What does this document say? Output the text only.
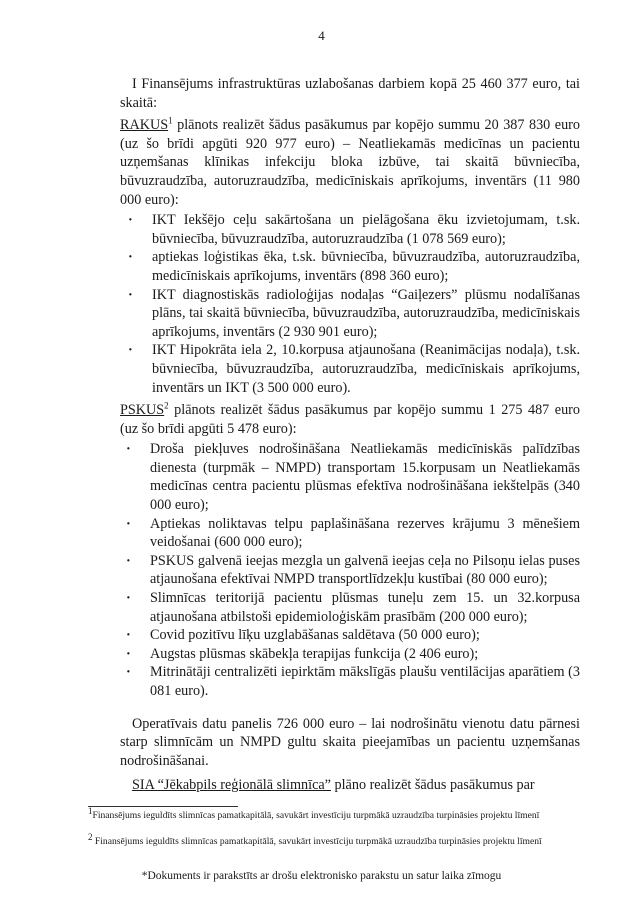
4

I Finansējums infrastruktūras uzlabošanas darbiem kopā 25 460 377 euro, tai skaitā:

RAKUS$^1$ plānots realizēt šādus pasākumus par kopējo summu 20 387 830 euro (uz šo brīdi apgūti 920 977 euro) – Neatliekamās medicīnas un pacientu uzņemšanas klīnikas infekciju bloka izbūve, tai skaitā būvniecība, būvuzraudzība, autoruzraudzība, medicīniskais aprīkojums, inventārs (11 980 000 euro):

· IKT Iekšējo ceļu sakārtošana un pielāgošana ēku izvietojumam, t.sk. būvniecība, būvuzraudzība, autoruzraudzība (1 078 569 euro);
· aptiekas loģistikas ēka, t.sk. būvniecība, būvuzraudzība, autoruzraudzība, medicīniskais aprīkojums, inventārs (898 360 euro);
· IKT diagnostiskās radioloģijas nodaļas “Gaiļezers” plūsmu nodalīšanas plāns, tai skaitā būvniecība, būvuzraudzība, autoruzraudzība, medicīniskais aprīkojums, inventārs (2 930 901 euro);
· IKT Hipokrāta iela 2, 10.korpusa atjaunošana (Reanimācijas nodaļa), t.sk. būvniecība, būvuzraudzība, autoruzraudzība, medicīniskais aprīkojums, inventārs un IKT (3 500 000 euro).

PSKUS$^2$ plānots realizēt šādus pasākumus par kopējo summu 1 275 487 euro (uz šo brīdi apgūti 5 478 euro):

· Droša piekļuves nodrošināšana Neatliekamās medicīniskās palīdzības dienesta (turpmāk – NMPD) transportam 15.korpusam un Neatliekamās medicīnas centra pacientu plūsmas efektīva nodrošināšana iekštelpās (340 000 euro);
· Aptiekas noliktavas telpu paplašināšana rezerves krājumu 3 mēnešiem veidošanai (600 000 euro);
· PSKUS galvenā ieejas mezgla un galvenā ieejas ceļa no Pilsoņu ielas puses atjaunošana efektīvai NMPD transportlīdzekļu kustībai (80 000 euro);
· Slimnīcas teritorijā pacientu plūsmas tuneļu zem 15. un 32.korpusa atjaunošana atbilstoši epidemioloģiskām prasībām (200 000 euro);
· Covid pozitīvu līķu uzglabāšanas saldētava (50 000 euro);
· Augstas plūsmas skābekļa terapijas funkcija (2 406 euro);
· Mitrinātāji centralizēti iepirktām mākslīgās plaušu ventilācijas aparātiem (3 081 euro).

Operatīvais datu panelis 726 000 euro – lai nodrošinātu vienotu datu pārnesi starp slimnīcām un NMPD gultu skaita pieejamības un pacientu uzņemšanas nodrošināšanai.

SIA “Jēkabpils reģionālā slimnīca” plāno realizēt šādus pasākumus par

$^1$Finansējums ieguldīts slimnīcas pamatkapitālā, savukārt investīciju turpmākā uzraudzība turpināsies projektu līmenī
$^2$ Finansējums ieguldīts slimnīcas pamatkapitālā, savukārt investīciju turpmākā uzraudzība turpināsies projektu līmenī
*Dokuments ir parakstīts ar drošu elektronisko parakstu un satur laika zīmogu
